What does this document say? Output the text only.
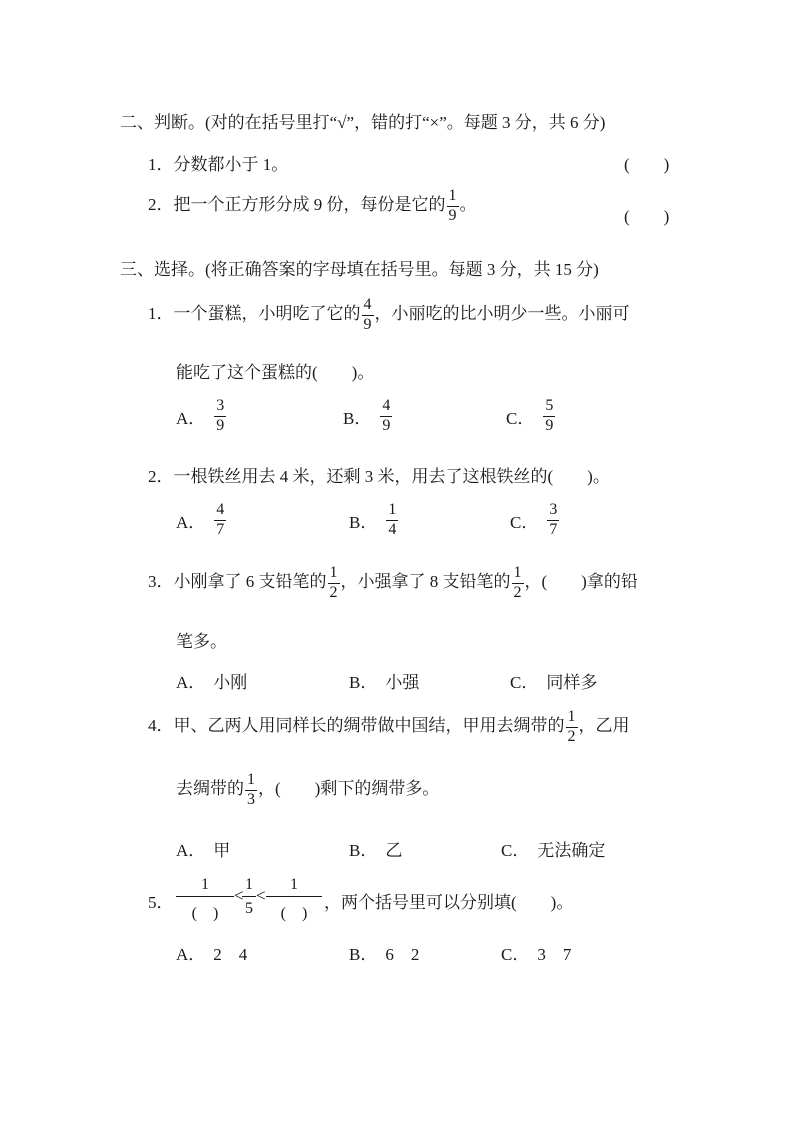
二、判断。(对的在括号里打“√”，错的打“×”。每题 3 分，共 6 分)
1．分数都小于 1。	(　　)
2．把一个正方形分成 9 份，每份是它的 $\frac{1}{9}$ 。
(　　)
三、选择。(将正确答案的字母填在括号里。每题 3 分，共 15 分)
1．一个蛋糕，小明吃了它的 $\frac{4}{9}$ ，小丽吃的比小明少一些。小丽可
能吃了这个蛋糕的(　　)。
A． $\frac{3}{9}$	B． $\frac{4}{9}$	C． $\frac{5}{9}$
2．一根铁丝用去 4 米，还剩 3 米，用去了这根铁丝的(　　)。
A． $\frac{4}{7}$	B． $\frac{1}{4}$	C． $\frac{3}{7}$
3．小刚拿了 6 支铅笔的 $\frac{1}{2}$ ，小强拿了 8 支铅笔的 $\frac{1}{2}$ ，(　　)拿的铅
笔多。
A． 小刚	B． 小强	C． 同样多
4．甲、乙两人用同样长的绸带做中国结，甲用去绸带的 $\frac{1}{2}$ ，乙用
去绸带的 $\frac{1}{3}$ ，(　　)剩下的绸带多。
A． 甲	B． 乙	C． 无法确定
5．
1
(　)
<
$\frac{1}{5}$ <
1
(　)
，两个括号里可以分别填(　　)。
A． 2　4	B． 6　2	C． 3　7
